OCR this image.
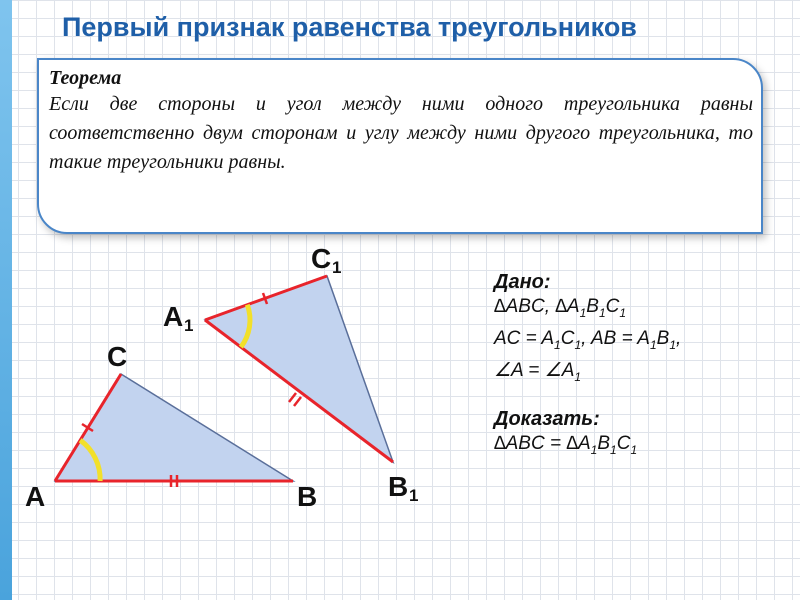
Первый признак равенства треугольников
Теорема
Если две стороны и угол между ними одного треугольника равны соответственно двум сторонам и углу между ними другого треугольника, то такие треугольники равны.
A	B
C
A 1
B 1
C 1
Дано:
∆ABC, $\Delta A_1B_1C_1$
AC = $A_1C_1$, AB = $A_1B_1$,
∠A = $\angle A_1$
Доказать:
$\Delta ABC = \Delta A_1B_1C_1$
